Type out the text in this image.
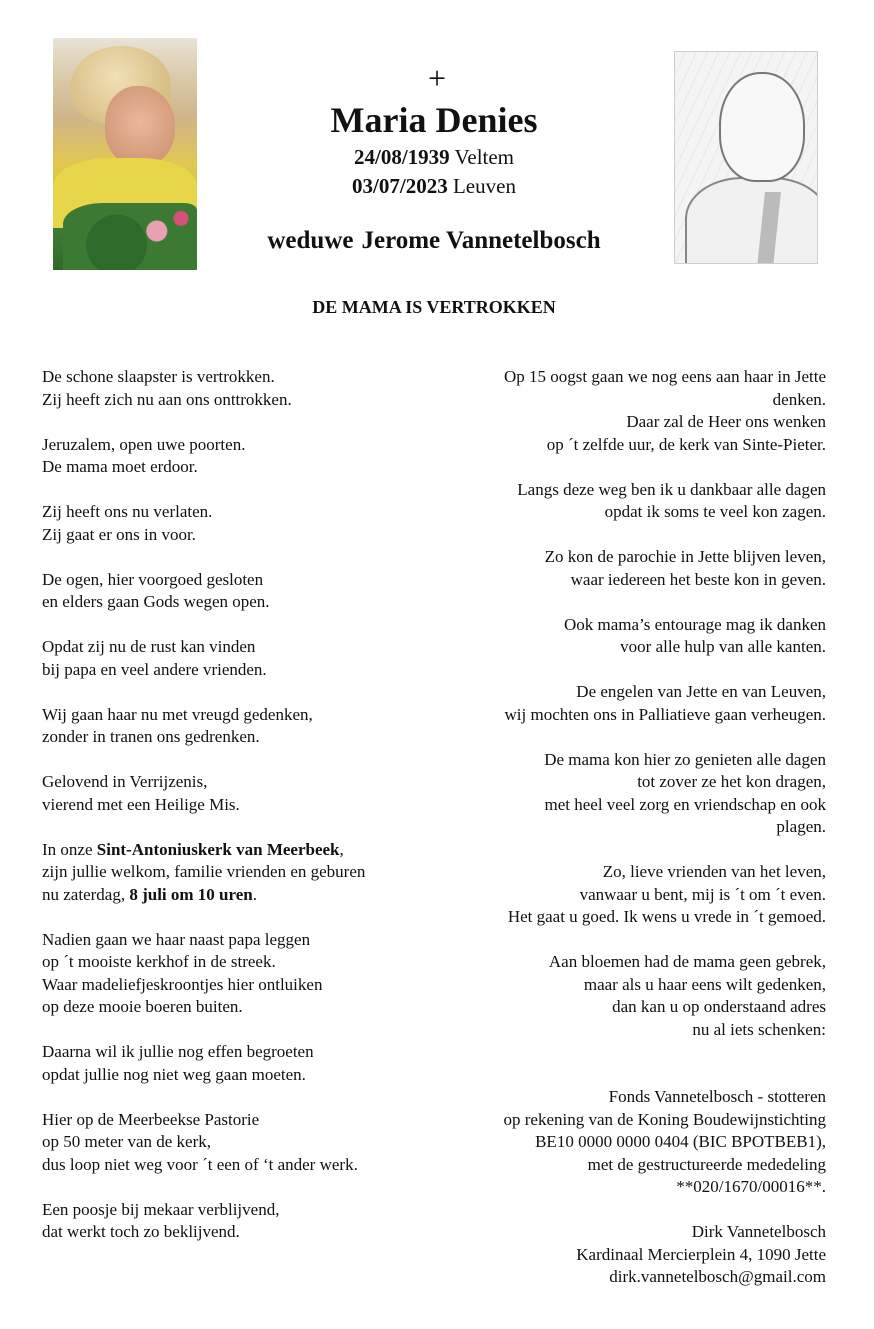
+
Maria Denies
24/08/1939 Veltem
03/07/2023 Leuven
weduwe Jerome Vannetelbosch
DE MAMA IS VERTROKKEN

De schone slaapster is vertrokken.
Zij heeft zich nu aan ons onttrokken.

Jeruzalem, open uwe poorten.
De mama moet erdoor.

Zij heeft ons nu verlaten.
Zij gaat er ons in voor.

De ogen, hier voorgoed gesloten
en elders gaan Gods wegen open.

Opdat zij nu de rust kan vinden
bij papa en veel andere vrienden.

Wij gaan haar nu met vreugd gedenken,
zonder in tranen ons gedrenken.

Gelovend in Verrijzenis,
vierend met een Heilige Mis.

In onze Sint-Antoniuskerk van Meerbeek,
zijn jullie welkom, familie vrienden en geburen
nu zaterdag, 8 juli om 10 uren.

Nadien gaan we haar naast papa leggen
op ´t mooiste kerkhof in de streek.
Waar madeliefjeskroontjes hier ontluiken
op deze mooie boeren buiten.

Daarna wil ik jullie nog effen begroeten
opdat jullie nog niet weg gaan moeten.

Hier op de Meerbeekse Pastorie
op 50 meter van de kerk,
dus loop niet weg voor ´t een of ‘t ander werk.

Een poosje bij mekaar verblijvend,
dat werkt toch zo beklijvend.

Op 15 oogst gaan we nog eens aan haar in Jette
denken.
Daar zal de Heer ons wenken
op ´t zelfde uur, de kerk van Sinte-Pieter.

Langs deze weg ben ik u dankbaar alle dagen
opdat ik soms te veel kon zagen.

Zo kon de parochie in Jette blijven leven,
waar iedereen het beste kon in geven.

Ook mama’s entourage mag ik danken
voor alle hulp van alle kanten.

De engelen van Jette en van Leuven,
wij mochten ons in Palliatieve gaan verheugen.

De mama kon hier zo genieten alle dagen
tot zover ze het kon dragen,
met heel veel zorg en vriendschap en ook
plagen.

Zo, lieve vrienden van het leven,
vanwaar u bent, mij is ´t om ´t even.
Het gaat u goed. Ik wens u vrede in ´t gemoed.

Aan bloemen had de mama geen gebrek,
maar als u haar eens wilt gedenken,
dan kan u op onderstaand adres
nu al iets schenken:

Fonds Vannetelbosch - stotteren
op rekening van de Koning Boudewijnstichting
BE10 0000 0000 0404 (BIC BPOTBEB1),
met de gestructureerde mededeling
**020/1670/00016**.

Dirk Vannetelbosch
Kardinaal Mercierplein 4, 1090 Jette
dirk.vannetelbosch@gmail.com
